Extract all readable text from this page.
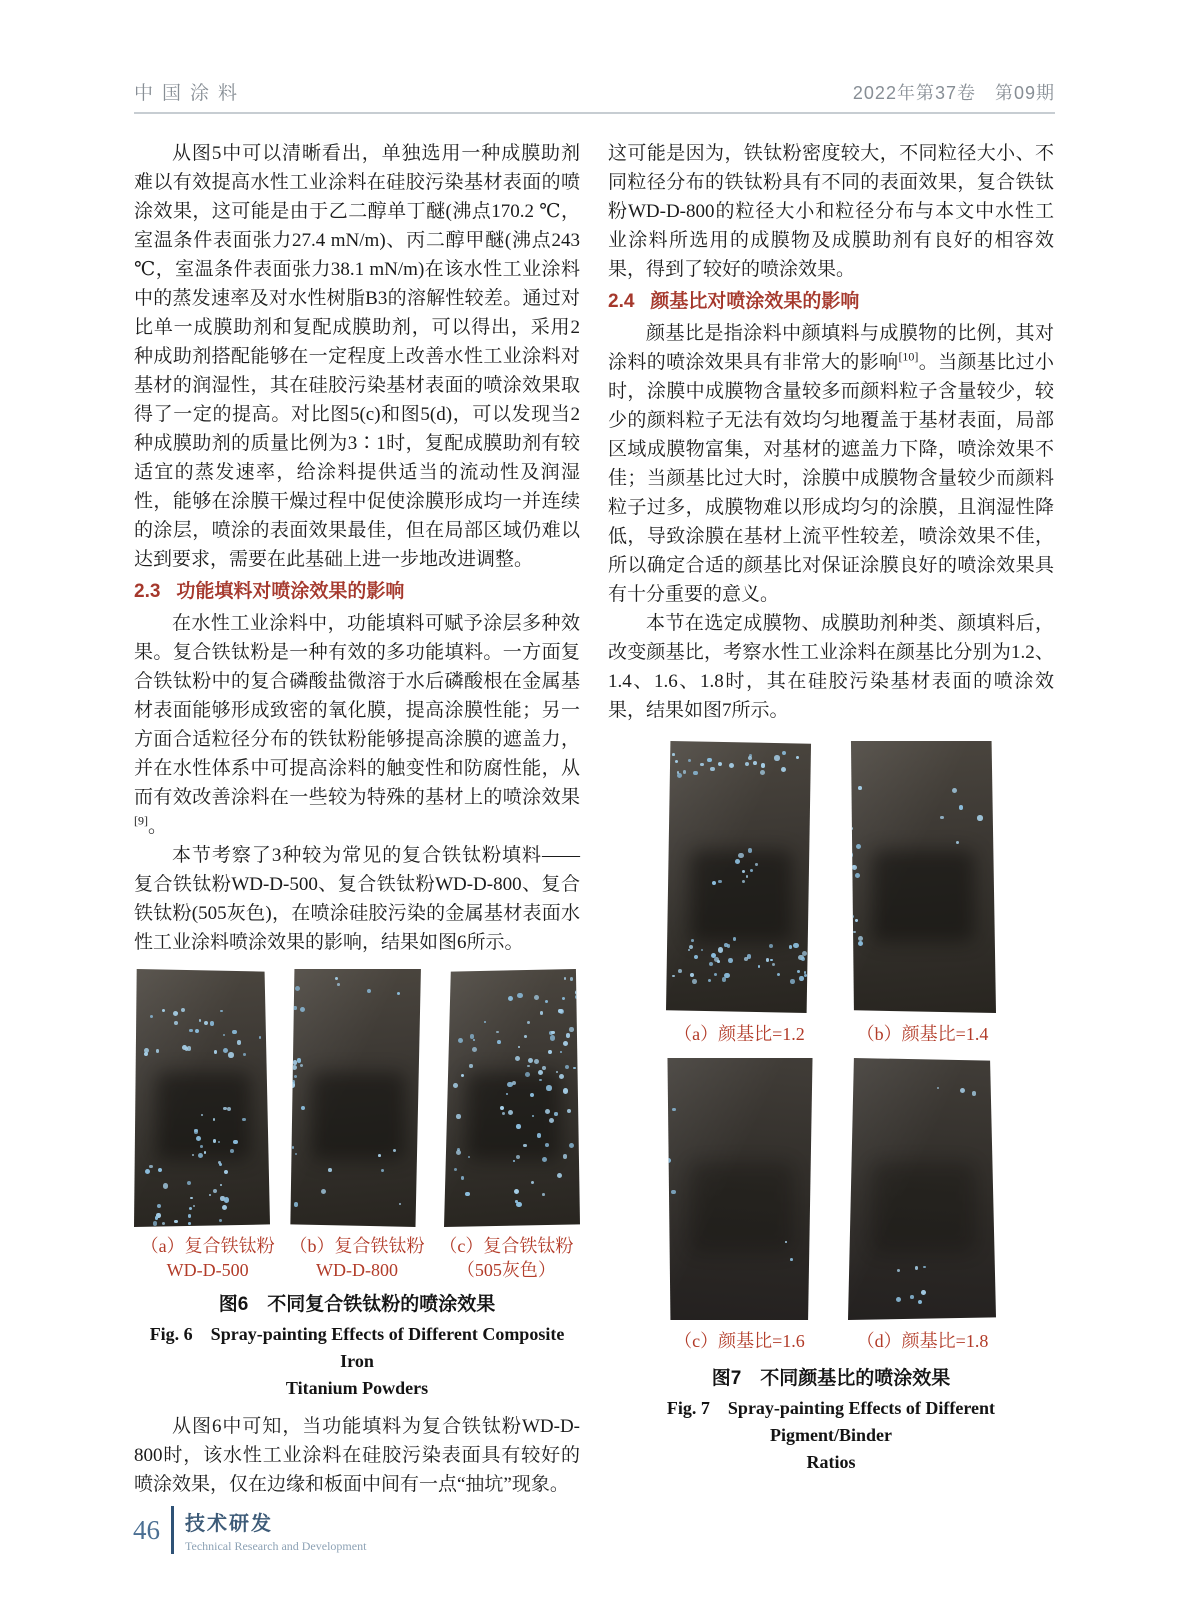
中国涂料	2022年第37卷　第09期

从图5中可以清晰看出，单独选用一种成膜助剂难以有效提高水性工业涂料在硅胶污染基材表面的喷涂效果，这可能是由于乙二醇单丁醚(沸点170.2 ℃，室温条件表面张力27.4 mN/m)、丙二醇甲醚(沸点243 ℃，室温条件表面张力38.1 mN/m)在该水性工业涂料中的蒸发速率及对水性树脂B3的溶解性较差。通过对比单一成膜助剂和复配成膜助剂，可以得出，采用2种成助剂搭配能够在一定程度上改善水性工业涂料对基材的润湿性，其在硅胶污染基材表面的喷涂效果取得了一定的提高。对比图5(c)和图5(d)，可以发现当2种成膜助剂的质量比例为3∶1时，复配成膜助剂有较适宜的蒸发速率，给涂料提供适当的流动性及润湿性，能够在涂膜干燥过程中促使涂膜形成均一并连续的涂层，喷涂的表面效果最佳，但在局部区域仍难以达到要求，需要在此基础上进一步地改进调整。

2.3 功能填料对喷涂效果的影响

在水性工业涂料中，功能填料可赋予涂层多种效果。复合铁钛粉是一种有效的多功能填料。一方面复合铁钛粉中的复合磷酸盐微溶于水后磷酸根在金属基材表面能够形成致密的氧化膜，提高涂膜性能；另一方面合适粒径分布的铁钛粉能够提高涂膜的遮盖力，并在水性体系中可提高涂料的触变性和防腐性能，从而有效改善涂料在一些较为特殊的基材上的喷涂效果[9]。

本节考察了3种较为常见的复合铁钛粉填料——复合铁钛粉WD-D-500、复合铁钛粉WD-D-800、复合铁钛粉(505灰色)，在喷涂硅胶污染的金属基材表面水性工业涂料喷涂效果的影响，结果如图6所示。

（a）复合铁钛粉
WD-D-500
（b）复合铁钛粉
WD-D-800
（c）复合铁钛粉
（505灰色）
图6　不同复合铁钛粉的喷涂效果
Fig. 6　Spray-painting Effects of Different Composite Iron
Titanium Powders

从图6中可知，当功能填料为复合铁钛粉WD-D-800时，该水性工业涂料在硅胶污染表面具有较好的喷涂效果，仅在边缘和板面中间有一点“抽坑”现象。

这可能是因为，铁钛粉密度较大，不同粒径大小、不同粒径分布的铁钛粉具有不同的表面效果，复合铁钛粉WD-D-800的粒径大小和粒径分布与本文中水性工业涂料所选用的成膜物及成膜助剂有良好的相容效果，得到了较好的喷涂效果。

2.4 颜基比对喷涂效果的影响

颜基比是指涂料中颜填料与成膜物的比例，其对涂料的喷涂效果具有非常大的影响[10]。当颜基比过小时，涂膜中成膜物含量较多而颜料粒子含量较少，较少的颜料粒子无法有效均匀地覆盖于基材表面，局部区域成膜物富集，对基材的遮盖力下降，喷涂效果不佳；当颜基比过大时，涂膜中成膜物含量较少而颜料粒子过多，成膜物难以形成均匀的涂膜，且润湿性降低，导致涂膜在基材上流平性较差，喷涂效果不佳，所以确定合适的颜基比对保证涂膜良好的喷涂效果具有十分重要的意义。

本节在选定成膜物、成膜助剂种类、颜填料后，改变颜基比，考察水性工业涂料在颜基比分别为1.2、1.4、1.6、1.8时，其在硅胶污染基材表面的喷涂效果，结果如图7所示。

（a）颜基比=1.2	（b）颜基比=1.4
（c）颜基比=1.6	（d）颜基比=1.8
图7　不同颜基比的喷涂效果
Fig. 7　Spray-painting Effects of Different Pigment/Binder
Ratios
46 技术研发
Technical Research and Development
